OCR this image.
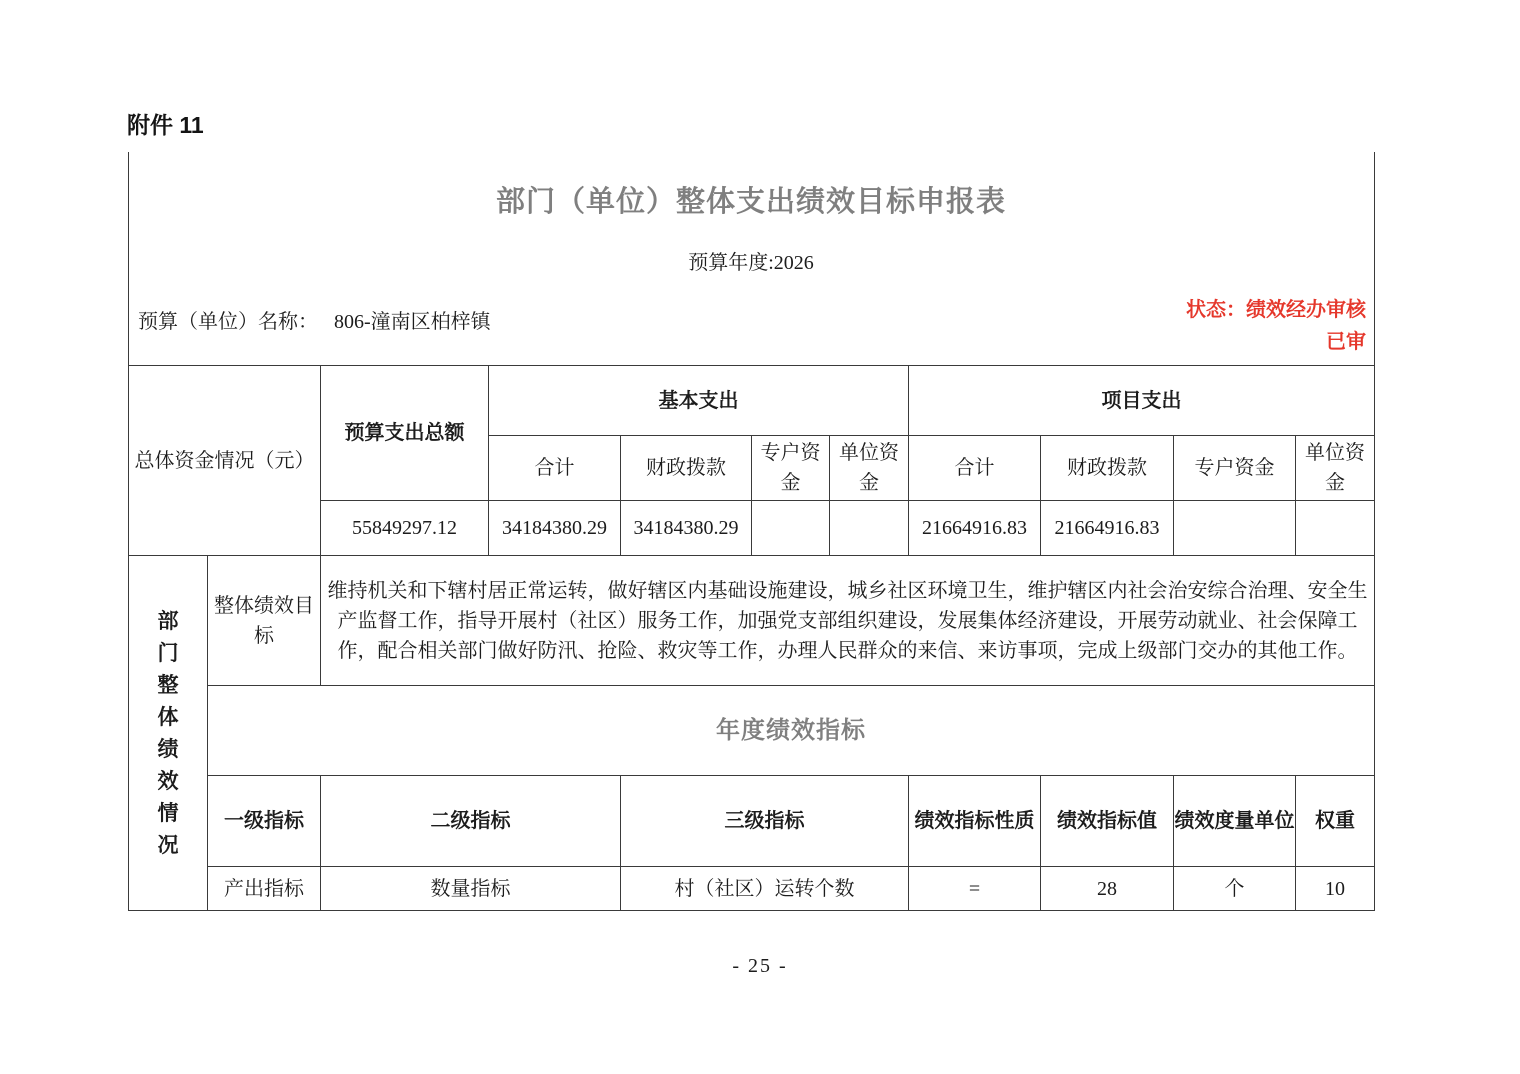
附件 11
部门（单位）整体支出绩效目标申报表
预算年度:2026
预算（单位）名称： 806-潼南区柏梓镇
状态：绩效经办审核
已审
总体资金情况（元）	预算支出总额	基本支出				项目支出			
		合计	财政拨款	专户资金	单位资金	合计	财政拨款	专户资金	单位资金
	55849297.12	34184380.29	34184380.29			21664916.83	21664916.83		
部门整体绩效情况	整体绩效目标	维持机关和下辖村居正常运转，做好辖区内基础设施建设，城乡社区环境卫生，维护辖区内社会治安综合治理、安全生产监督工作，指导开展村（社区）服务工作，加强党支部组织建设，发展集体经济建设，开展劳动就业、社会保障工作，配合相关部门做好防汛、抢险、救灾等工作，办理人民群众的来信、来访事项，完成上级部门交办的其他工作。					
	年度绩效指标						
	一级指标	二级指标	三级指标	绩效指标性质	绩效指标值	绩效度量单位	权重
	产出指标	数量指标	村（社区）运转个数	=	28	个	10
- 25 -
